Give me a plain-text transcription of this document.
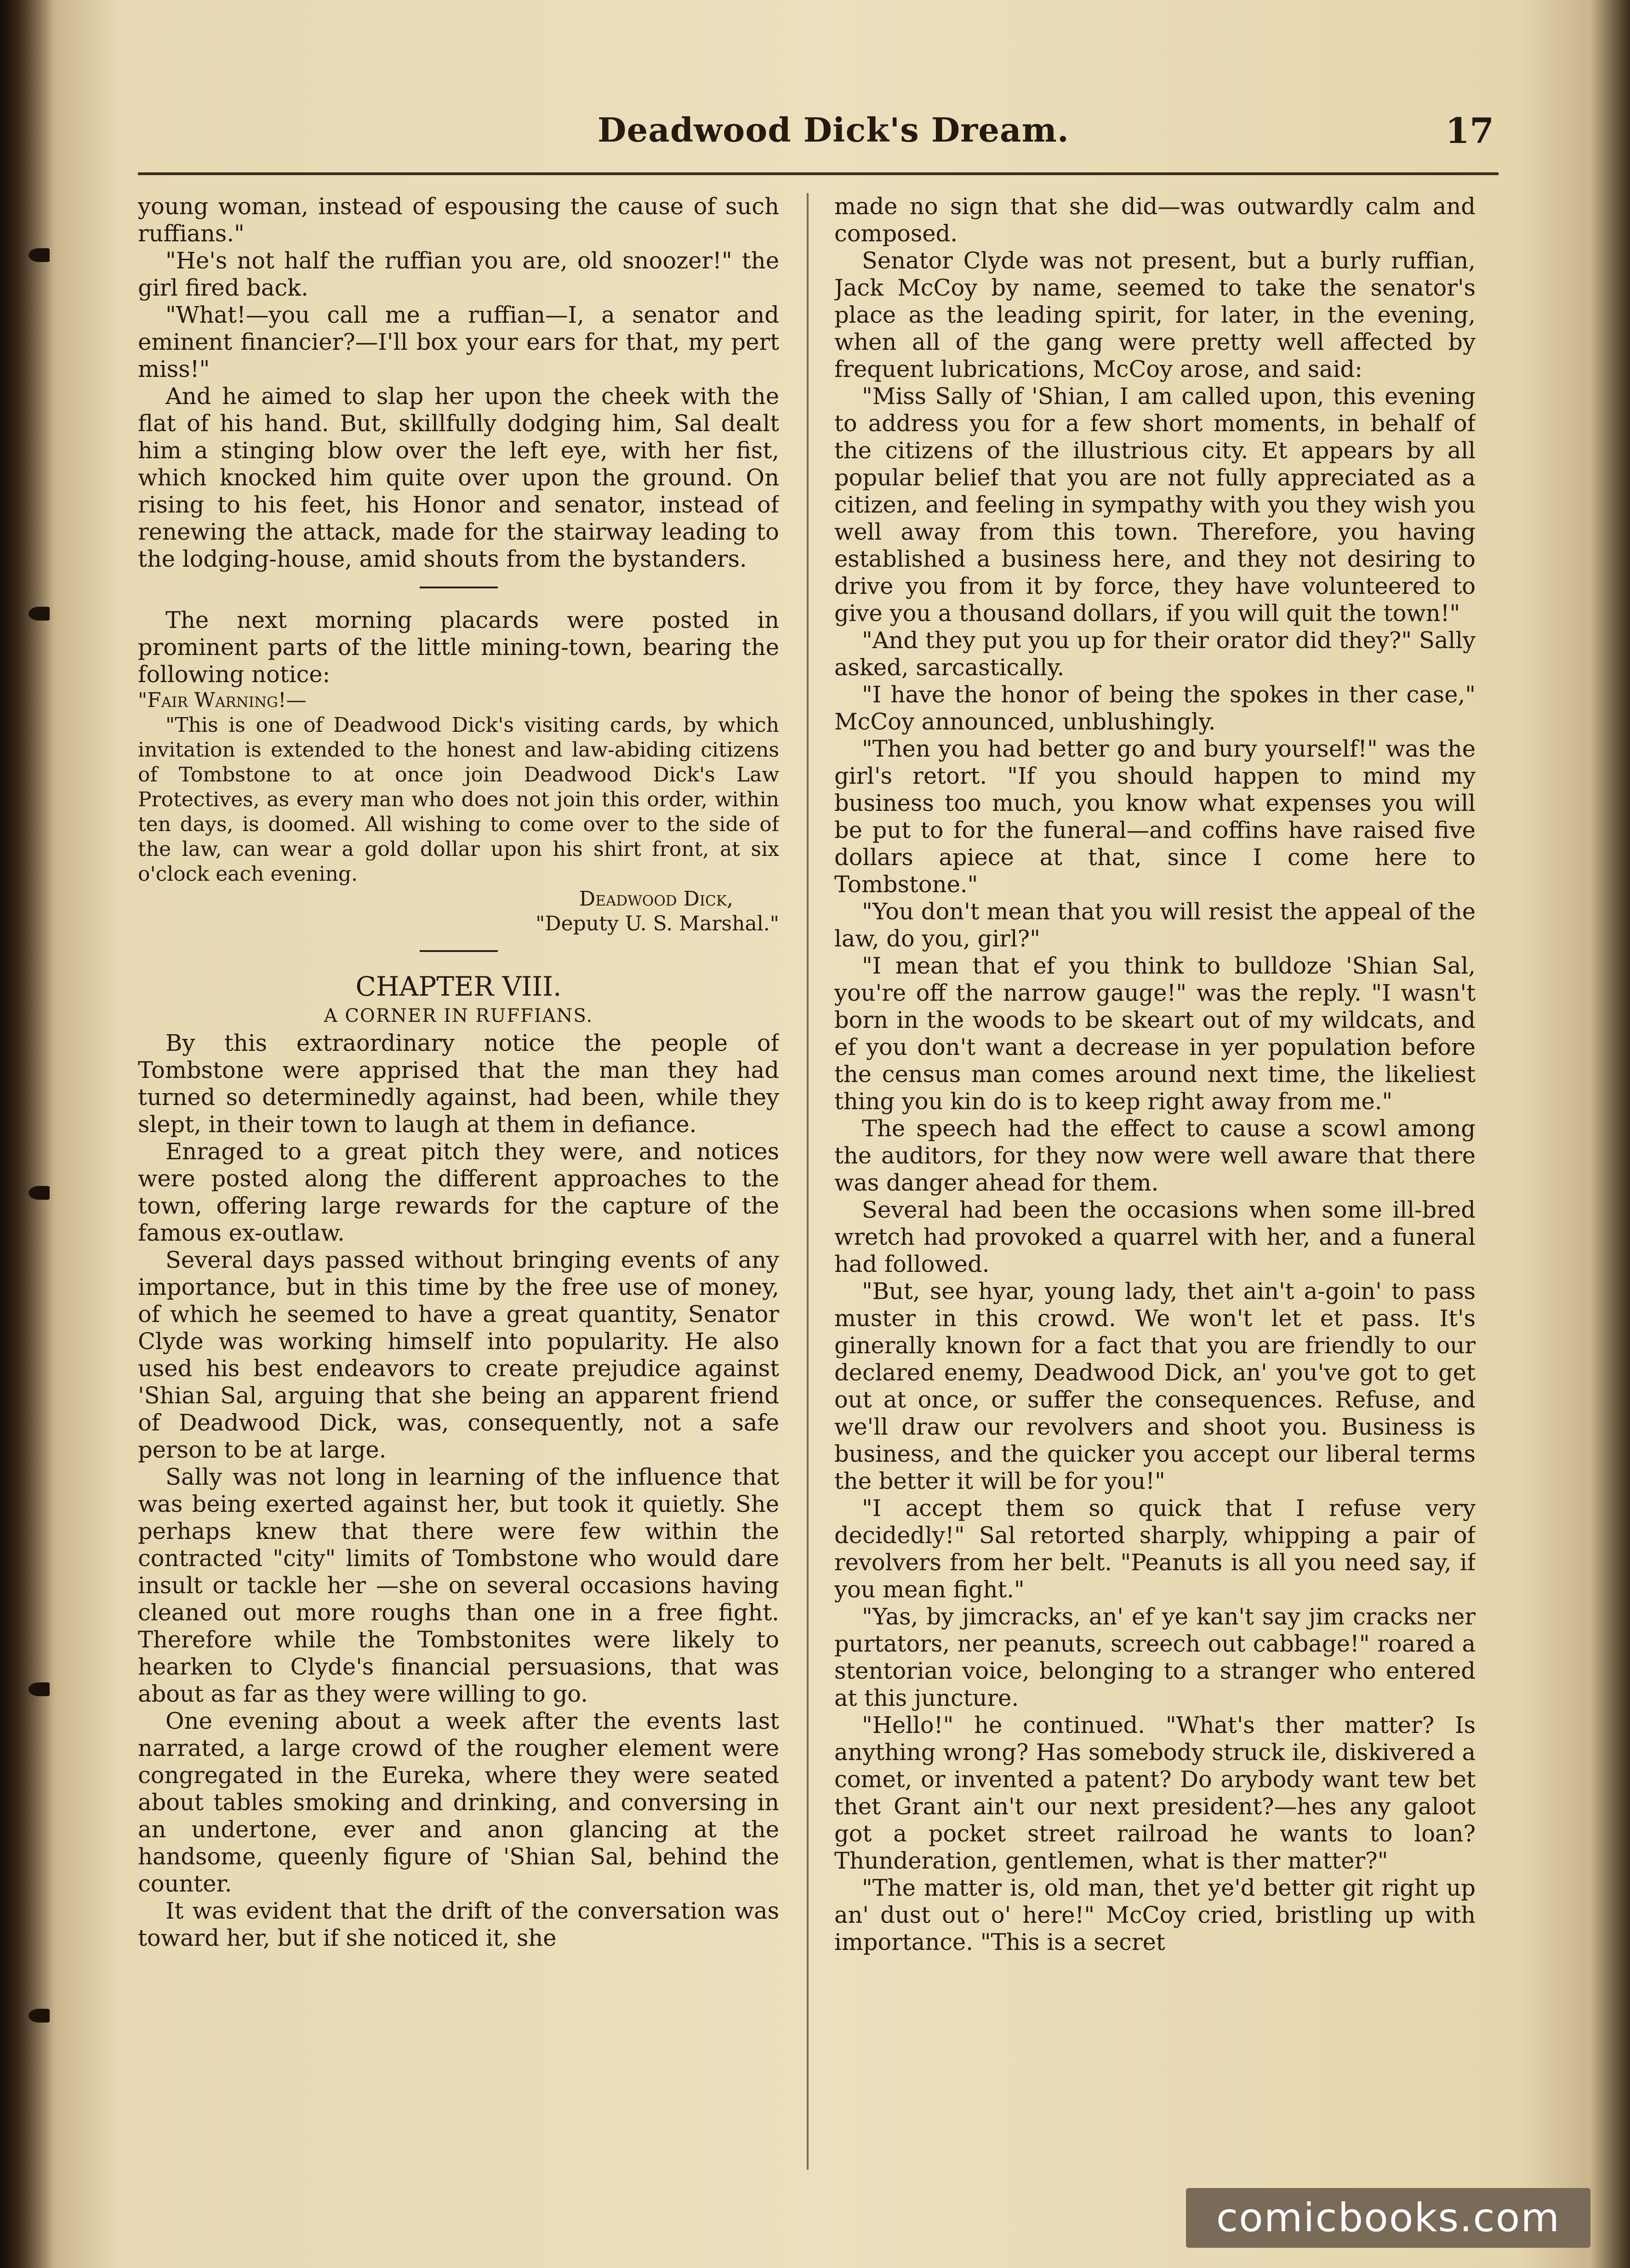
Deadwood Dick's Dream.	17

young woman, instead of espousing the cause of such ruffians."

"He's not half the ruffian you are, old snoozer!" the girl fired back.

"What!—you call me a ruffian—I, a senator and eminent financier?—I'll box your ears for that, my pert miss!"

And he aimed to slap her upon the cheek with the flat of his hand. But, skillfully dodging him, Sal dealt him a stinging blow over the left eye, with her fist, which knocked him quite over upon the ground. On rising to his feet, his Honor and senator, instead of renewing the attack, made for the stairway leading to the lodging-house, amid shouts from the bystanders.

The next morning placards were posted in prominent parts of the little mining-town, bearing the following notice:

"Fair Warning!—

"This is one of Deadwood Dick's visiting cards, by which invitation is extended to the honest and law-abiding citizens of Tombstone to at once join Deadwood Dick's Law Protectives, as every man who does not join this order, within ten days, is doomed. All wishing to come over to the side of the law, can wear a gold dollar upon his shirt front, at six o'clock each evening.

Deadwood Dick,

"Deputy U. S. Marshal."

CHAPTER VIII.

A CORNER IN RUFFIANS.

By this extraordinary notice the people of Tombstone were apprised that the man they had turned so determinedly against, had been, while they slept, in their town to laugh at them in defiance.

Enraged to a great pitch they were, and notices were posted along the different approaches to the town, offering large rewards for the capture of the famous ex-outlaw.

Several days passed without bringing events of any importance, but in this time by the free use of money, of which he seemed to have a great quantity, Senator Clyde was working himself into popularity. He also used his best endeavors to create prejudice against 'Shian Sal, arguing that she being an apparent friend of Deadwood Dick, was, consequently, not a safe person to be at large.

Sally was not long in learning of the influence that was being exerted against her, but took it quietly. She perhaps knew that there were few within the contracted "city" limits of Tombstone who would dare insult or tackle her —she on several occasions having cleaned out more roughs than one in a free fight. Therefore while the Tombstonites were likely to hearken to Clyde's financial persuasions, that was about as far as they were willing to go.

One evening about a week after the events last narrated, a large crowd of the rougher element were congregated in the Eureka, where they were seated about tables smoking and drinking, and conversing in an undertone, ever and anon glancing at the handsome, queenly figure of 'Shian Sal, behind the counter.

It was evident that the drift of the conversation was toward her, but if she noticed it, she

made no sign that she did—was outwardly calm and composed.

Senator Clyde was not present, but a burly ruffian, Jack McCoy by name, seemed to take the senator's place as the leading spirit, for later, in the evening, when all of the gang were pretty well affected by frequent lubrications, McCoy arose, and said:

"Miss Sally of 'Shian, I am called upon, this evening to address you for a few short moments, in behalf of the citizens of the illustrious city. Et appears by all popular belief that you are not fully appreciated as a citizen, and feeling in sympathy with you they wish you well away from this town. Therefore, you having established a business here, and they not desiring to drive you from it by force, they have volunteered to give you a thousand dollars, if you will quit the town!"

"And they put you up for their orator did they?" Sally asked, sarcastically.

"I have the honor of being the spokes in ther case," McCoy announced, unblushingly.

"Then you had better go and bury yourself!" was the girl's retort. "If you should happen to mind my business too much, you know what expenses you will be put to for the funeral—and coffins have raised five dollars apiece at that, since I come here to Tombstone."

"You don't mean that you will resist the appeal of the law, do you, girl?"

"I mean that ef you think to bulldoze 'Shian Sal, you're off the narrow gauge!" was the reply. "I wasn't born in the woods to be skeart out of my wildcats, and ef you don't want a decrease in yer population before the census man comes around next time, the likeliest thing you kin do is to keep right away from me."

The speech had the effect to cause a scowl among the auditors, for they now were well aware that there was danger ahead for them.

Several had been the occasions when some ill-bred wretch had provoked a quarrel with her, and a funeral had followed.

"But, see hyar, young lady, thet ain't a-goin' to pass muster in this crowd. We won't let et pass. It's ginerally known for a fact that you are friendly to our declared enemy, Deadwood Dick, an' you've got to get out at once, or suffer the consequences. Refuse, and we'll draw our revolvers and shoot you. Business is business, and the quicker you accept our liberal terms the better it will be for you!"

"I accept them so quick that I refuse very decidedly!" Sal retorted sharply, whipping a pair of revolvers from her belt. "Peanuts is all you need say, if you mean fight."

"Yas, by jimcracks, an' ef ye kan't say jim cracks ner purtators, ner peanuts, screech out cabbage!" roared a stentorian voice, belonging to a stranger who entered at this juncture.

"Hello!" he continued. "What's ther matter? Is anything wrong? Has somebody struck ile, diskivered a comet, or invented a patent? Do arybody want tew bet thet Grant ain't our next president?—hes any galoot got a pocket street railroad he wants to loan? Thunderation, gentlemen, what is ther matter?"

"The matter is, old man, thet ye'd better git right up an' dust out o' here!" McCoy cried, bristling up with importance. "This is a secret

comicbooks.com
